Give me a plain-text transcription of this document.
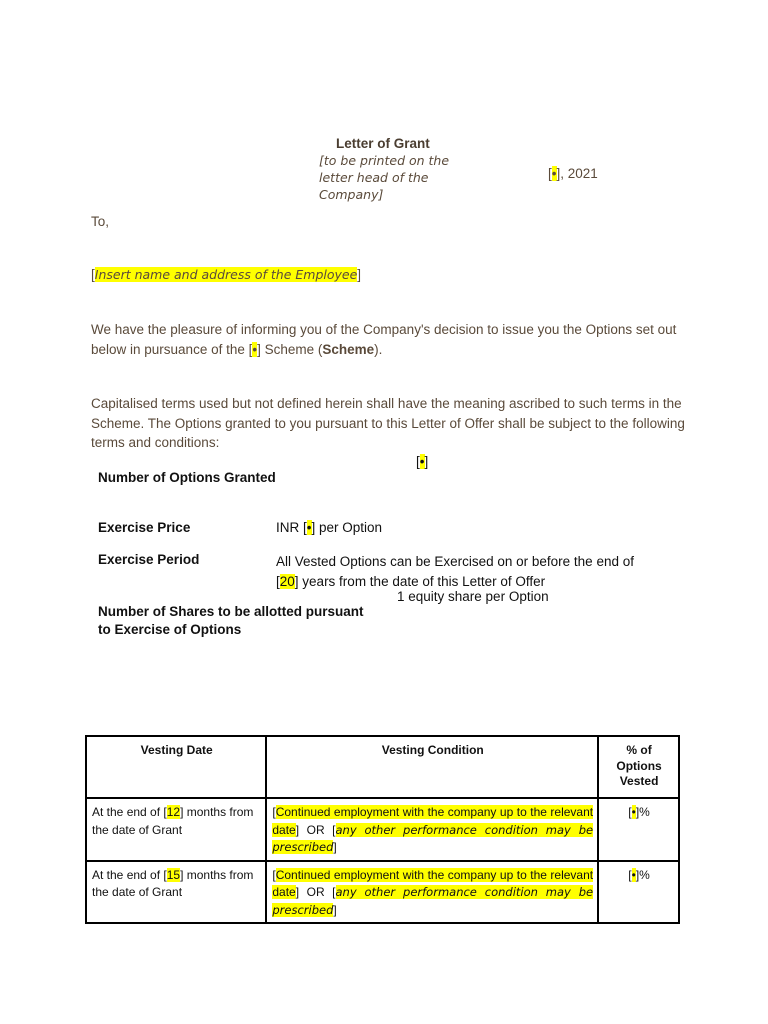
Letter of Grant
[to be printed on the letter head of the Company]
[•], 2021
To,
[Insert name and address of the Employee]
We have the pleasure of informing you of the Company's decision to issue you the Options set out below in pursuance of the [•] Scheme (Scheme).
Capitalised terms used but not defined herein shall have the meaning ascribed to such terms in the Scheme. The Options granted to you pursuant to this Letter of Offer shall be subject to the following terms and conditions:
[•]
Number of Options Granted
Exercise Price	INR [•] per Option
Exercise Period	All Vested Options can be Exercised on or before the end of
[20] years from the date of this Letter of Offer
1 equity share per Option
Number of Shares to be allotted pursuant
to Exercise of Options
Vesting Date	Vesting Condition	% of
Options
Vested
At the end of [12] months from the date of Grant	[Continued employment with the company up to the relevant date] OR [any other performance condition may be prescribed]	[•]%
At the end of [15] months from the date of Grant	[Continued employment with the company up to the relevant date] OR [any other performance condition may be prescribed]	[•]%
